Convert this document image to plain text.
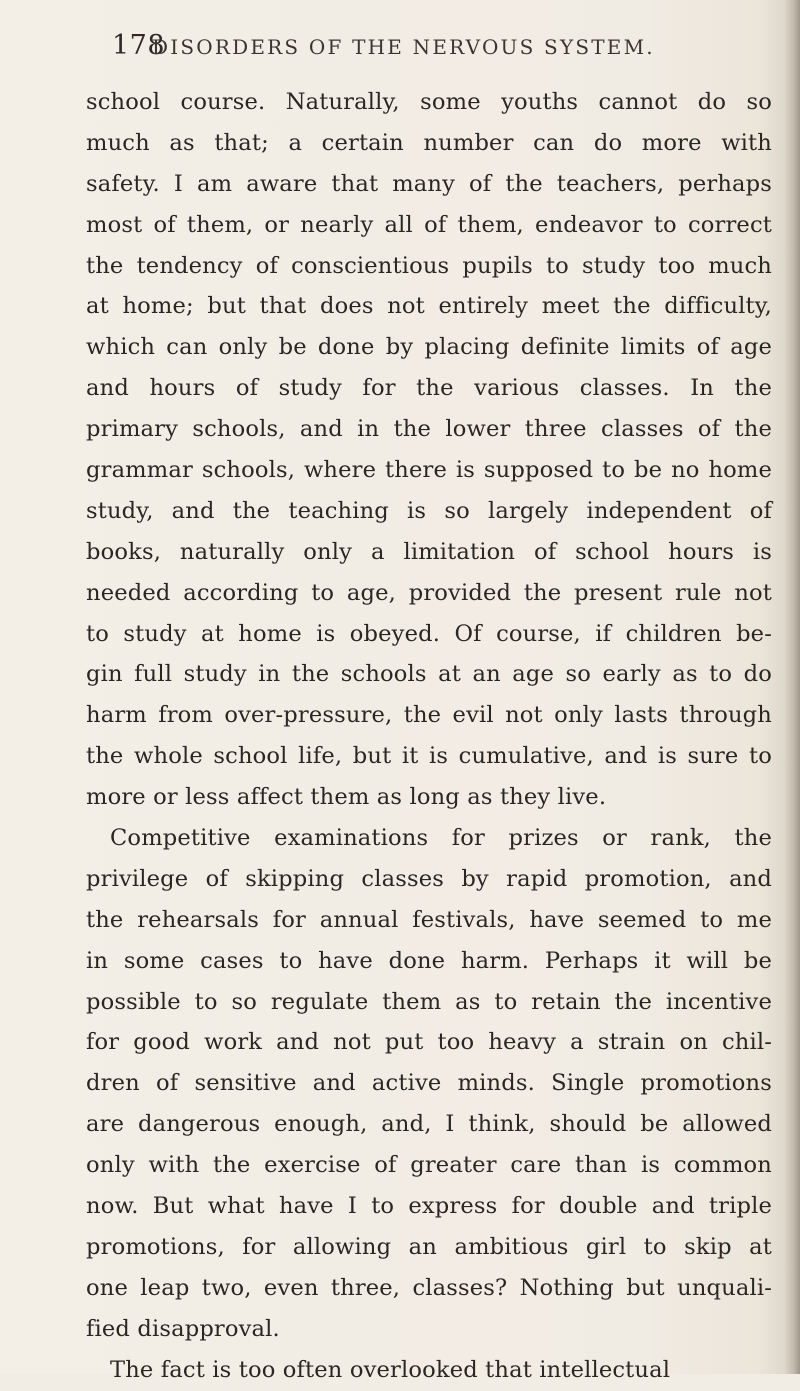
178
DISORDERS OF THE NERVOUS SYSTEM.
school course. Naturally, some youths cannot do so
much as that; a certain number can do more with
safety. I am aware that many of the teachers, perhaps
most of them, or nearly all of them, endeavor to correct
the tendency of conscientious pupils to study too much
at home; but that does not entirely meet the difficulty,
which can only be done by placing definite limits of age
and hours of study for the various classes. In the
primary schools, and in the lower three classes of the
grammar schools, where there is supposed to be no home
study, and the teaching is so largely independent of
books, naturally only a limitation of school hours is
needed according to age, provided the present rule not
to study at home is obeyed. Of course, if children be-
gin full study in the schools at an age so early as to do
harm from over-pressure, the evil not only lasts through
the whole school life, but it is cumulative, and is sure to
more or less affect them as long as they live.
Competitive examinations for prizes or rank, the
privilege of skipping classes by rapid promotion, and
the rehearsals for annual festivals, have seemed to me
in some cases to have done harm. Perhaps it will be
possible to so regulate them as to retain the incentive
for good work and not put too heavy a strain on chil-
dren of sensitive and active minds. Single promotions
are dangerous enough, and, I think, should be allowed
only with the exercise of greater care than is common
now. But what have I to express for double and triple
promotions, for allowing an ambitious girl to skip at
one leap two, even three, classes? Nothing but unquali-
fied disapproval.
The fact is too often overlooked that intellectual
